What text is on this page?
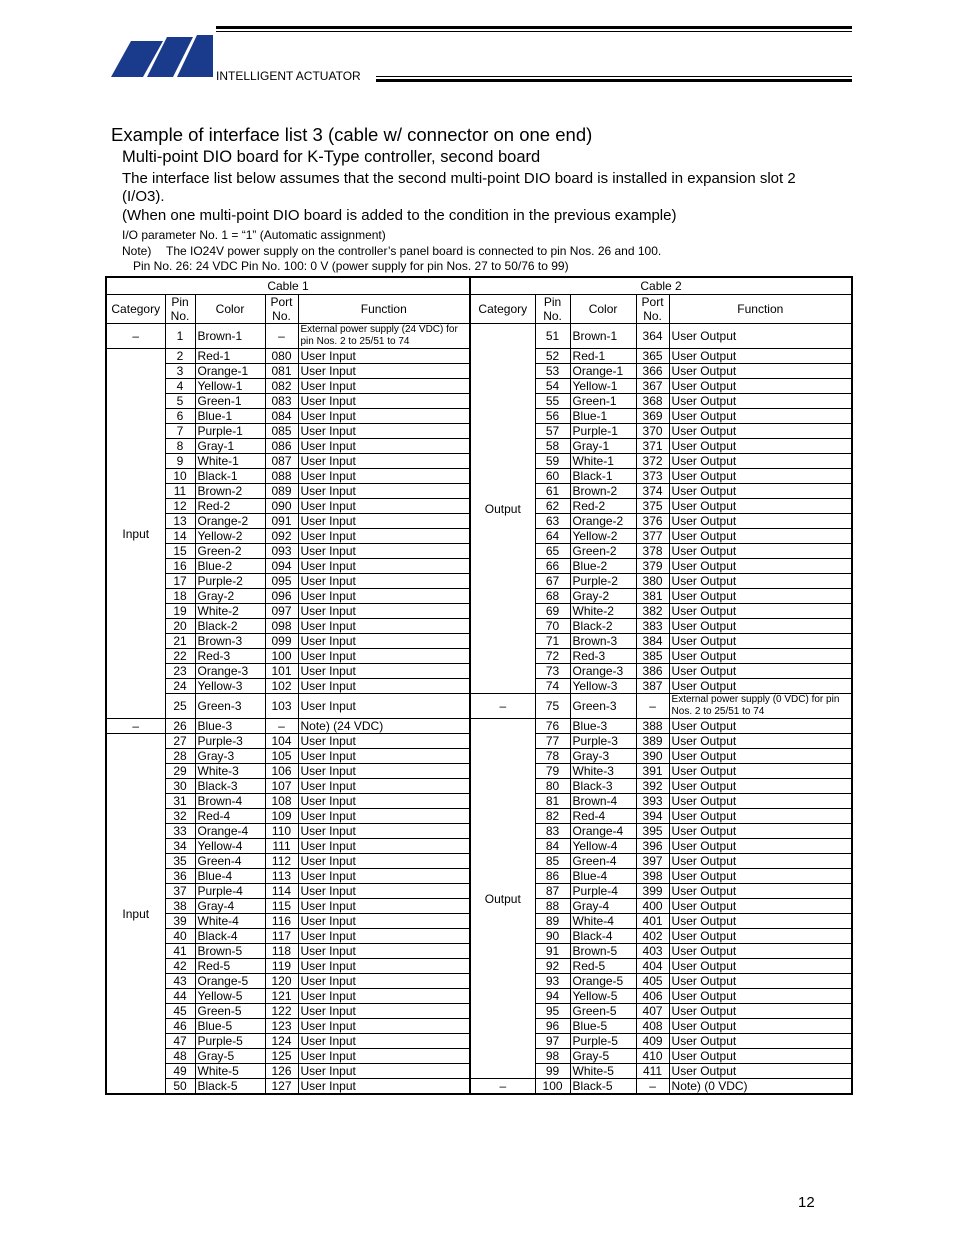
INTELLIGENT ACTUATOR
Example of interface list 3 (cable w/ connector on one end)
Multi-point DIO board for K-Type controller, second board
The interface list below assumes that the second multi-point DIO board is installed in expansion slot 2 (I/O3).
(When one multi-point DIO board is added to the condition in the previous example)
I/O parameter No. 1 = “1” (Automatic assignment)
Note) The IO24V power supply on the controller’s panel board is connected to pin Nos. 26 and 100.
Pin No. 26: 24 VDC Pin No. 100: 0 V (power supply for pin Nos. 27 to 50/76 to 99)
Cable 1					Cable 2				
Category	Pin No.	Color	Port No.	Function	Category	Pin No.	Color	Port No.	Function
–	1	Brown-1	–	External power supply (24 VDC) for pin Nos. 2 to 25/51 to 74	Output	51	Brown-1	364	User Output
Input	2	Red-1	080	User Input		52	Red-1	365	User Output
	3	Orange-1	081	User Input		53	Orange-1	366	User Output
	4	Yellow-1	082	User Input		54	Yellow-1	367	User Output
	5	Green-1	083	User Input		55	Green-1	368	User Output
	6	Blue-1	084	User Input		56	Blue-1	369	User Output
	7	Purple-1	085	User Input		57	Purple-1	370	User Output
	8	Gray-1	086	User Input		58	Gray-1	371	User Output
	9	White-1	087	User Input		59	White-1	372	User Output
	10	Black-1	088	User Input		60	Black-1	373	User Output
	11	Brown-2	089	User Input		61	Brown-2	374	User Output
	12	Red-2	090	User Input		62	Red-2	375	User Output
	13	Orange-2	091	User Input		63	Orange-2	376	User Output
	14	Yellow-2	092	User Input		64	Yellow-2	377	User Output
	15	Green-2	093	User Input		65	Green-2	378	User Output
	16	Blue-2	094	User Input		66	Blue-2	379	User Output
	17	Purple-2	095	User Input		67	Purple-2	380	User Output
	18	Gray-2	096	User Input		68	Gray-2	381	User Output
	19	White-2	097	User Input		69	White-2	382	User Output
	20	Black-2	098	User Input		70	Black-2	383	User Output
	21	Brown-3	099	User Input		71	Brown-3	384	User Output
	22	Red-3	100	User Input		72	Red-3	385	User Output
	23	Orange-3	101	User Input		73	Orange-3	386	User Output
	24	Yellow-3	102	User Input		74	Yellow-3	387	User Output
	25	Green-3	103	User Input	–	75	Green-3	–	External power supply (0 VDC) for pin Nos. 2 to 25/51 to 74
–	26	Blue-3	–	Note) (24 VDC)	Output	76	Blue-3	388	User Output
Input	27	Purple-3	104	User Input		77	Purple-3	389	User Output
	28	Gray-3	105	User Input		78	Gray-3	390	User Output
	29	White-3	106	User Input		79	White-3	391	User Output
	30	Black-3	107	User Input		80	Black-3	392	User Output
	31	Brown-4	108	User Input		81	Brown-4	393	User Output
	32	Red-4	109	User Input		82	Red-4	394	User Output
	33	Orange-4	110	User Input		83	Orange-4	395	User Output
	34	Yellow-4	111	User Input		84	Yellow-4	396	User Output
	35	Green-4	112	User Input		85	Green-4	397	User Output
	36	Blue-4	113	User Input		86	Blue-4	398	User Output
	37	Purple-4	114	User Input		87	Purple-4	399	User Output
	38	Gray-4	115	User Input		88	Gray-4	400	User Output
	39	White-4	116	User Input		89	White-4	401	User Output
	40	Black-4	117	User Input		90	Black-4	402	User Output
	41	Brown-5	118	User Input		91	Brown-5	403	User Output
	42	Red-5	119	User Input		92	Red-5	404	User Output
	43	Orange-5	120	User Input		93	Orange-5	405	User Output
	44	Yellow-5	121	User Input		94	Yellow-5	406	User Output
	45	Green-5	122	User Input		95	Green-5	407	User Output
	46	Blue-5	123	User Input		96	Blue-5	408	User Output
	47	Purple-5	124	User Input		97	Purple-5	409	User Output
	48	Gray-5	125	User Input		98	Gray-5	410	User Output
	49	White-5	126	User Input		99	White-5	411	User Output
	50	Black-5	127	User Input	–	100	Black-5	–	Note) (0 VDC)
12
